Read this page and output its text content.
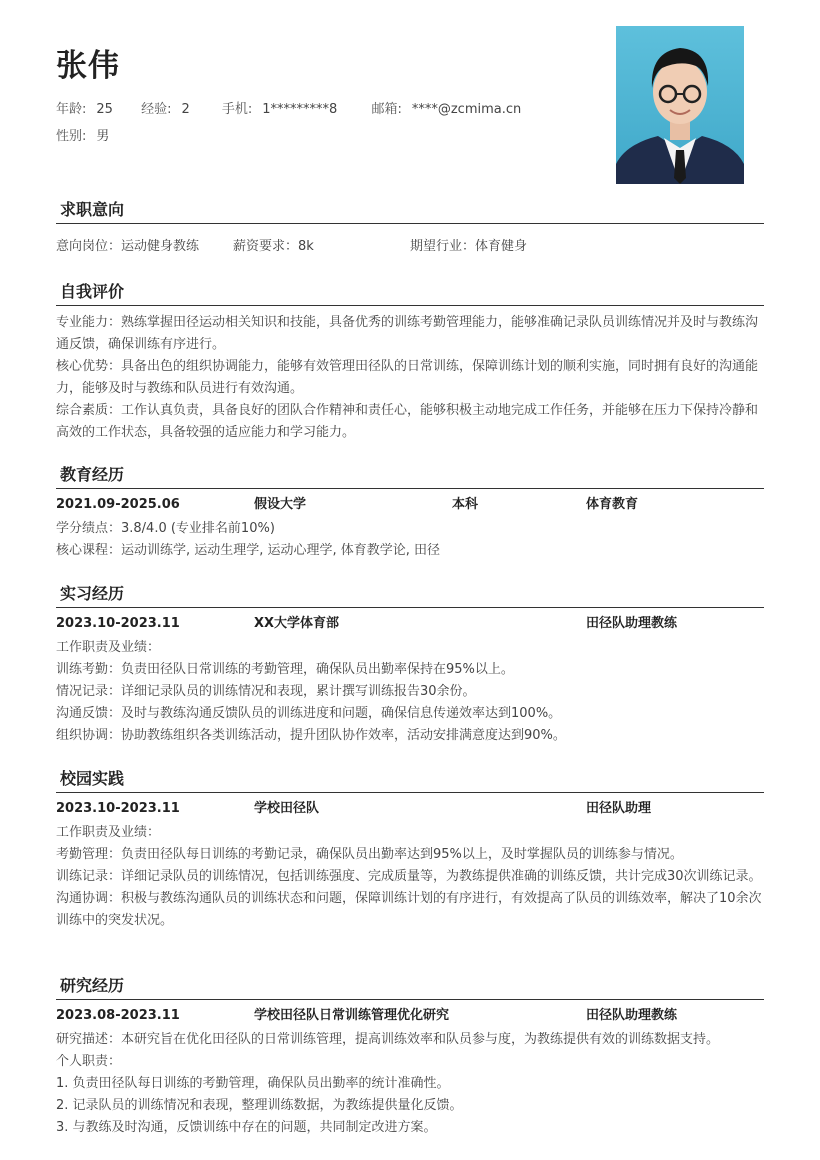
张伟
年龄: 25 经验: 2 手机: 1*********8	邮箱: ****@zcmima.cn
性别: 男
求职意向
意向岗位：运动健身教练	薪资要求：8k	期望行业：体育健身
自我评价
专业能力：熟练掌握田径运动相关知识和技能，具备优秀的训练考勤管理能力，能够准确记录队员训练情况并及时与教练沟通反馈，确保训练有序进行。
核心优势：具备出色的组织协调能力，能够有效管理田径队的日常训练，保障训练计划的顺利实施，同时拥有良好的沟通能力，能够及时与教练和队员进行有效沟通。
综合素质：工作认真负责，具备良好的团队合作精神和责任心，能够积极主动地完成工作任务，并能够在压力下保持冷静和高效的工作状态，具备较强的适应能力和学习能力。
教育经历
2021.09-2025.06	假设大学	本科	体育教育
学分绩点：3.8/4.0 (专业排名前10%)
核心课程：运动训练学, 运动生理学, 运动心理学, 体育教学论, 田径
实习经历
2023.10-2023.11	XX大学体育部	田径队助理教练
工作职责及业绩：
训练考勤：负责田径队日常训练的考勤管理，确保队员出勤率保持在95%以上。
情况记录：详细记录队员的训练情况和表现，累计撰写训练报告30余份。
沟通反馈：及时与教练沟通反馈队员的训练进度和问题，确保信息传递效率达到100%。
组织协调：协助教练组织各类训练活动，提升团队协作效率，活动安排满意度达到90%。
校园实践
2023.10-2023.11	学校田径队	田径队助理
工作职责及业绩：
考勤管理：负责田径队每日训练的考勤记录，确保队员出勤率达到95%以上，及时掌握队员的训练参与情况。
训练记录：详细记录队员的训练情况，包括训练强度、完成质量等，为教练提供准确的训练反馈，共计完成30次训练记录。
沟通协调：积极与教练沟通队员的训练状态和问题，保障训练计划的有序进行，有效提高了队员的训练效率，解决了10余次训练中的突发状况。
研究经历
2023.08-2023.11	学校田径队日常训练管理优化研究	田径队助理教练
研究描述：本研究旨在优化田径队的日常训练管理，提高训练效率和队员参与度，为教练提供有效的训练数据支持。
个人职责：
1. 负责田径队每日训练的考勤管理，确保队员出勤率的统计准确性。
2. 记录队员的训练情况和表现，整理训练数据，为教练提供量化反馈。
3. 与教练及时沟通，反馈训练中存在的问题，共同制定改进方案。
